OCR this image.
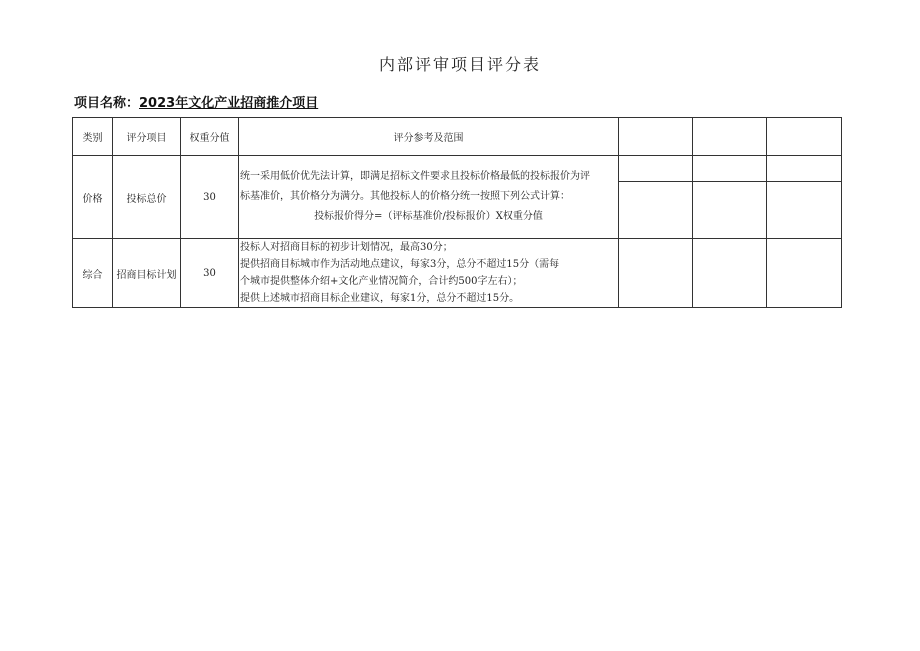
内部评审项目评分表
项目名称：2023年文化产业招商推介项目
类别	评分项目	权重分值	评分参考及范围			
价格	投标总价	30	统一采用低价优先法计算，即满足招标文件要求且投标价格最低的投标报价为评
标基准价，其价格分为满分。其他投标人的价格分统一按照下列公式计算：

投标报价得分=（评标基准价/投标报价）X权重分值			

综合	招商目标计划	30	投标人对招商目标的初步计划情况，最高30分；
提供招商目标城市作为活动地点建议，每家3分，总分不超过15分（需每
个城市提供整体介绍+文化产业情况简介，合计约500字左右）；
提供上述城市招商目标企业建议，每家1分，总分不超过15分。			
